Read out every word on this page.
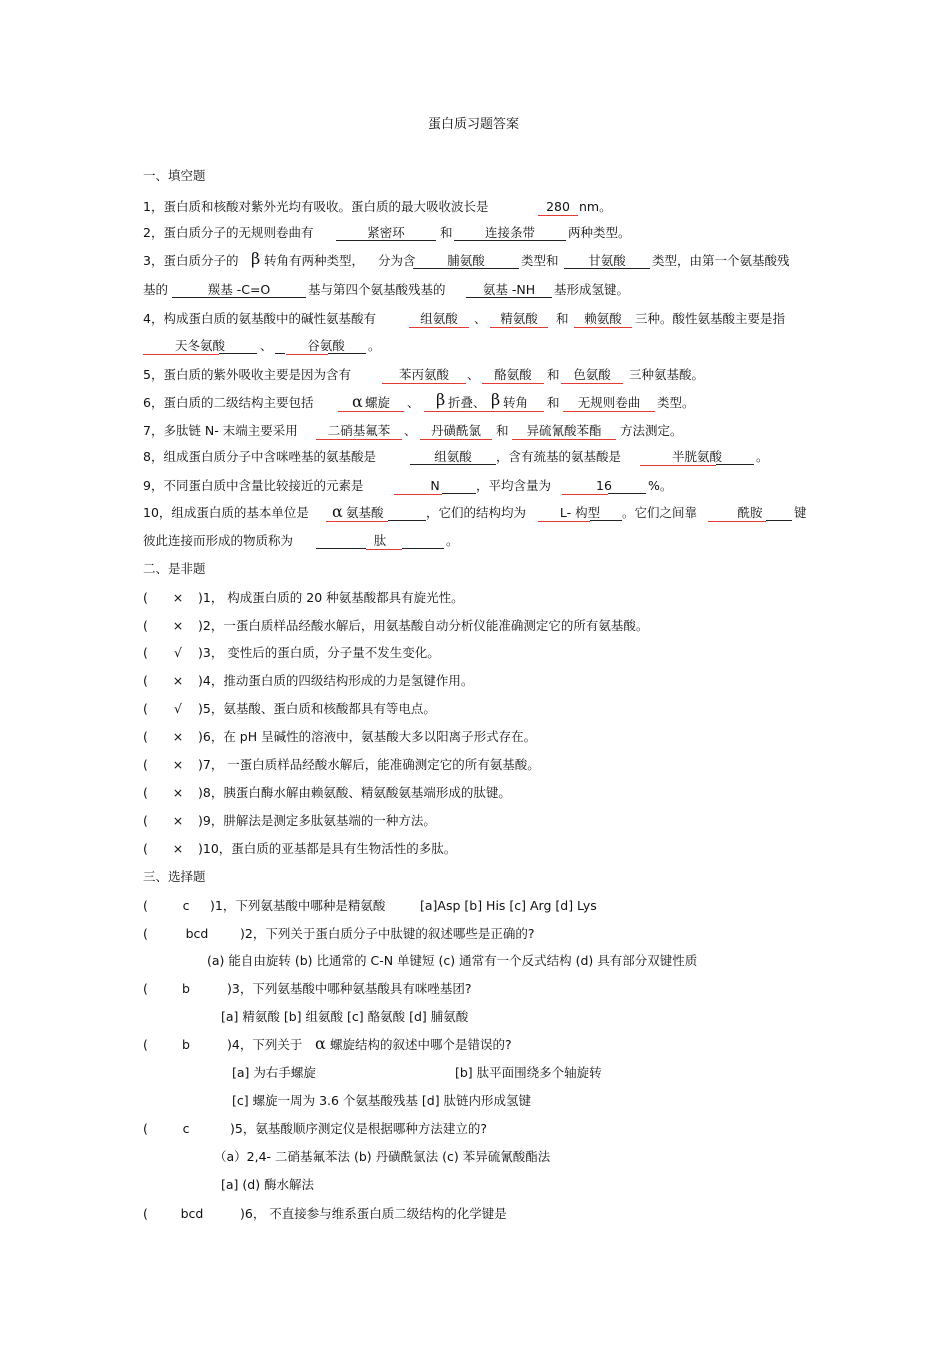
蛋白质习题答案
一、填空题
1，蛋白质和核酸对紫外光均有吸收。蛋白质的最大吸收波长是	280 nm。
2，蛋白质分子的无规则卷曲有	紧密环	和	连接条带	两种类型。
3，蛋白质分子的 β 转角有两种类型， 分为含	脯氨酸	类型和	甘氨酸	类型，由第一个氨基酸残
基的	羰基 -C=O	基与第四个氨基酸残基的	氨基 -NH	基形成氢键。
4，构成蛋白质的氨基酸中的碱性氨基酸有	组氨酸	、	精氨酸	和	赖氨酸	三种。酸性氨基酸主要是指
天冬氨酸	、	谷氨酸	。
5，蛋白质的紫外吸收主要是因为含有	苯丙氨酸	、	酪氨酸	和	色氨酸	三种氨基酸。
6，蛋白质的二级结构主要包括 α 螺旋 、 β 折叠、 β 转角 和	无规则卷曲	类型。
7，多肽链 N- 末端主要采用	二硝基氟苯	、	丹磺酰氯	和	异硫氰酸苯酯	方法测定。
8，组成蛋白质分子中含咪唑基的氨基酸是	组氨酸	，含有巯基的氨基酸是	半胱氨酸	。
9，不同蛋白质中含量比较接近的元素是	N	，平均含量为	16	%。
10，组成蛋白质的基本单位是 α 氨基酸	，它们的结构均为	L- 构型	。它们之间靠	酰胺	键
彼此连接而形成的物质称为	肽	。
二、是非题
(	×	)1， 构成蛋白质的 20 种氨基酸都具有旋光性。
(	×	)2，一蛋白质样品经酸水解后，用氨基酸自动分析仪能准确测定它的所有氨基酸。
(	√	)3， 变性后的蛋白质，分子量不发生变化。
(	×	)4，推动蛋白质的四级结构形成的力是氢键作用。
(	√	)5，氨基酸、蛋白质和核酸都具有等电点。
(	×	)6，在 pH 呈碱性的溶液中，氨基酸大多以阳离子形式存在。
(	×	)7， 一蛋白质样品经酸水解后，能准确测定它的所有氨基酸。
(	×	)8，胰蛋白酶水解由赖氨酸、精氨酸氨基端形成的肽键。
(	×	)9，肼解法是测定多肽氨基端的一种方法。
(	×	)10，蛋白质的亚基都是具有生物活性的多肽。
三、选择题
(	c	)1，下列氨基酸中哪种是精氨酸	[a]Asp [b] His [c] Arg [d] Lys
(	bcd	)2，下列关于蛋白质分子中肽键的叙述哪些是正确的?
(a) 能自由旋转 (b) 比通常的 C-N 单键短 (c) 通常有一个反式结构 (d) 具有部分双键性质
(	b	)3，下列氨基酸中哪种氨基酸具有咪唑基团?
[a] 精氨酸 [b] 组氨酸 [c] 酪氨酸 [d] 脯氨酸
(	b	)4，下列关于 α 螺旋结构的叙述中哪个是错误的?
[a] 为右手螺旋	[b] 肽平面围绕多个轴旋转
[c] 螺旋一周为 3.6 个氨基酸残基 [d] 肽链内形成氢键
(	c	)5，氨基酸顺序测定仪是根据哪种方法建立的?
（a）2,4- 二硝基氟苯法 (b) 丹磺酰氯法 (c) 苯异硫氰酸酯法
[a] (d) 酶水解法
(	bcd	)6， 不直接参与维系蛋白质二级结构的化学键是
